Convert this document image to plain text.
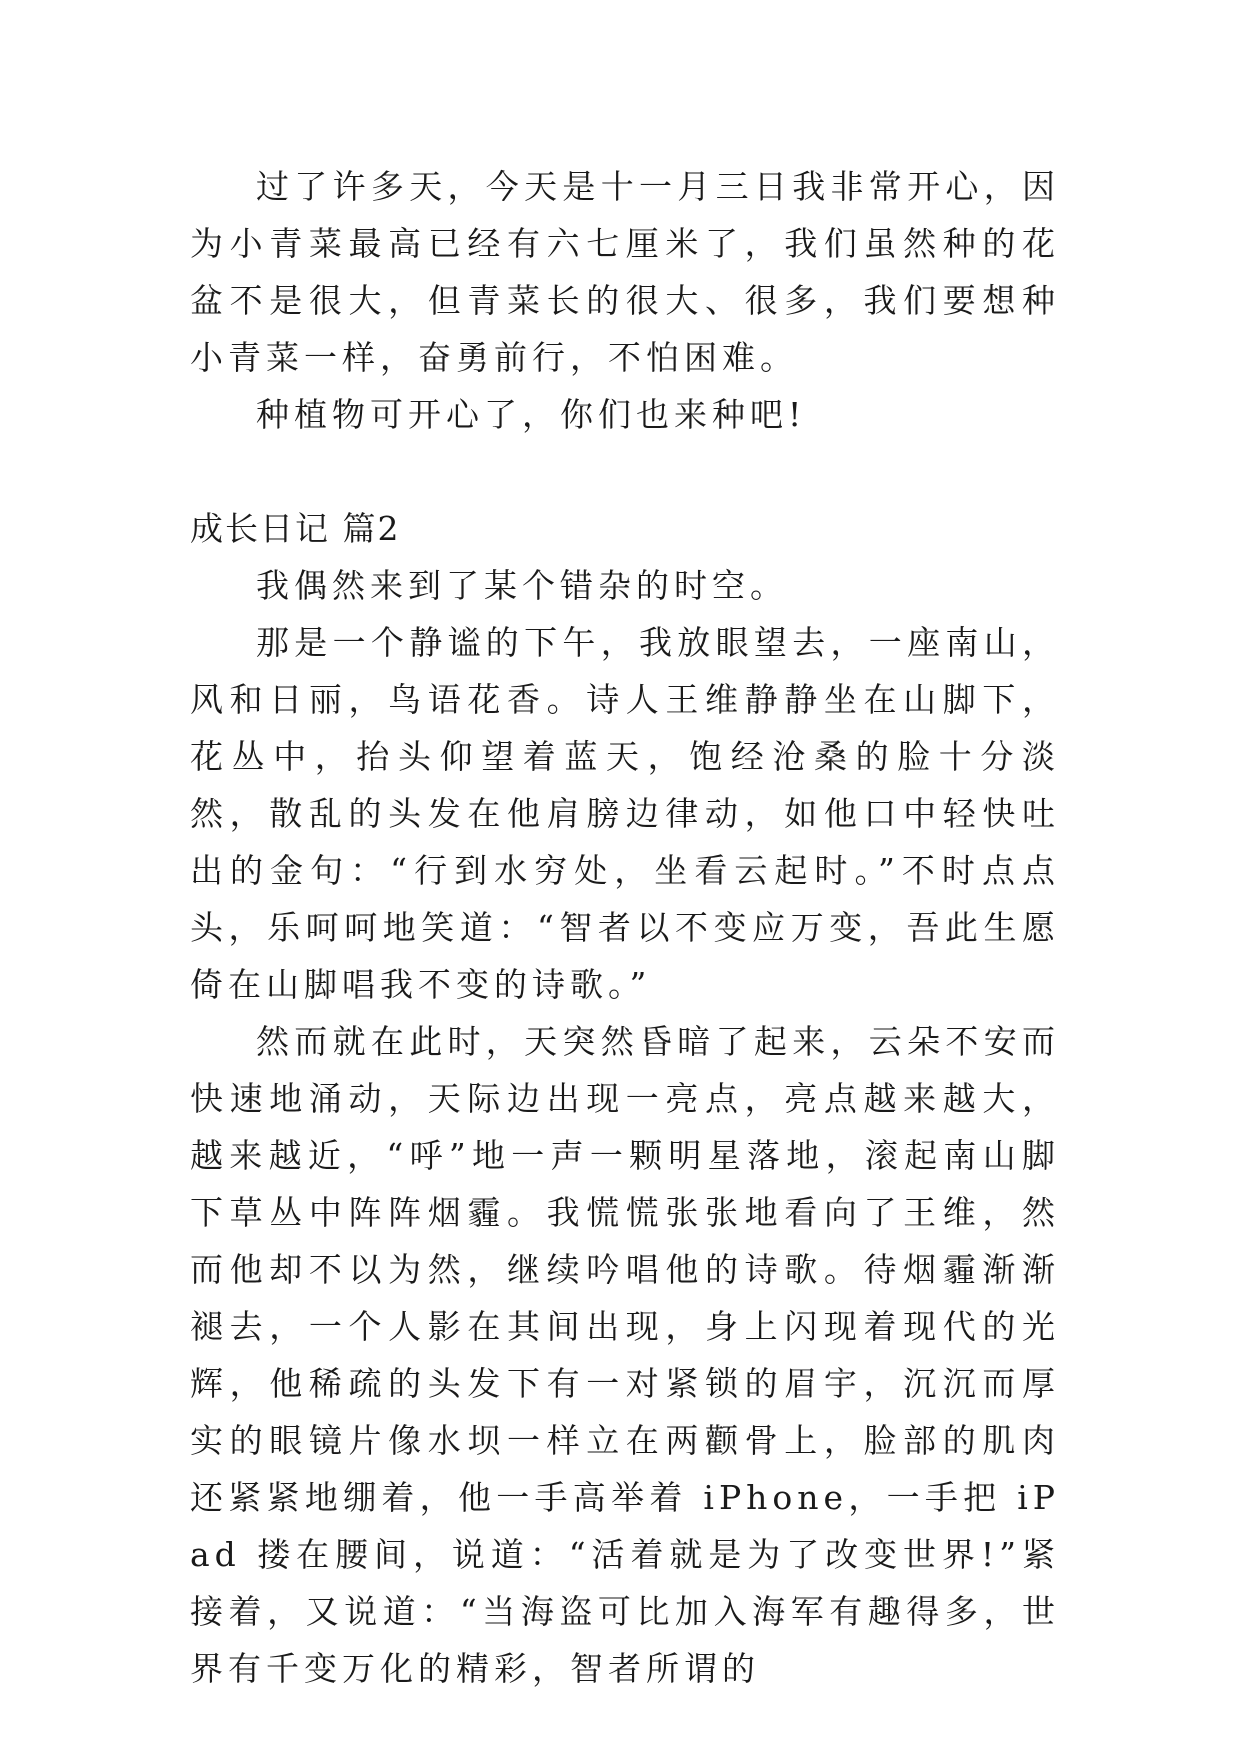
过了许多天，今天是十一月三日我非常开心，因为小青菜最高已经有六七厘米了，我们虽然种的花盆不是很大，但青菜长的很大、很多，我们要想种小青菜一样，奋勇前行，不怕困难。

种植物可开心了，你们也来种吧!

成长日记 篇2

我偶然来到了某个错杂的时空。

那是一个静谧的下午，我放眼望去，一座南山，风和日丽，鸟语花香。诗人王维静静坐在山脚下，花丛中，抬头仰望着蓝天，饱经沧桑的脸十分淡然，散乱的头发在他肩膀边律动，如他口中轻快吐出的金句：“行到水穷处，坐看云起时。”不时点点头，乐呵呵地笑道：“智者以不变应万变，吾此生愿倚在山脚唱我不变的诗歌。”

然而就在此时，天突然昏暗了起来，云朵不安而快速地涌动，天际边出现一亮点，亮点越来越大，越来越近，“呼”地一声一颗明星落地，滚起南山脚下草丛中阵阵烟霾。我慌慌张张地看向了王维，然而他却不以为然，继续吟唱他的诗歌。待烟霾渐渐褪去，一个人影在其间出现，身上闪现着现代的光辉，他稀疏的头发下有一对紧锁的眉宇，沉沉而厚实的眼镜片像水坝一样立在两颧骨上，脸部的肌肉还紧紧地绷着，他一手高举着 iPhone，一手把 iPad 搂在腰间，说道：“活着就是为了改变世界!”紧接着，又说道：“当海盗可比加入海军有趣得多，世界有千变万化的精彩，智者所谓的
